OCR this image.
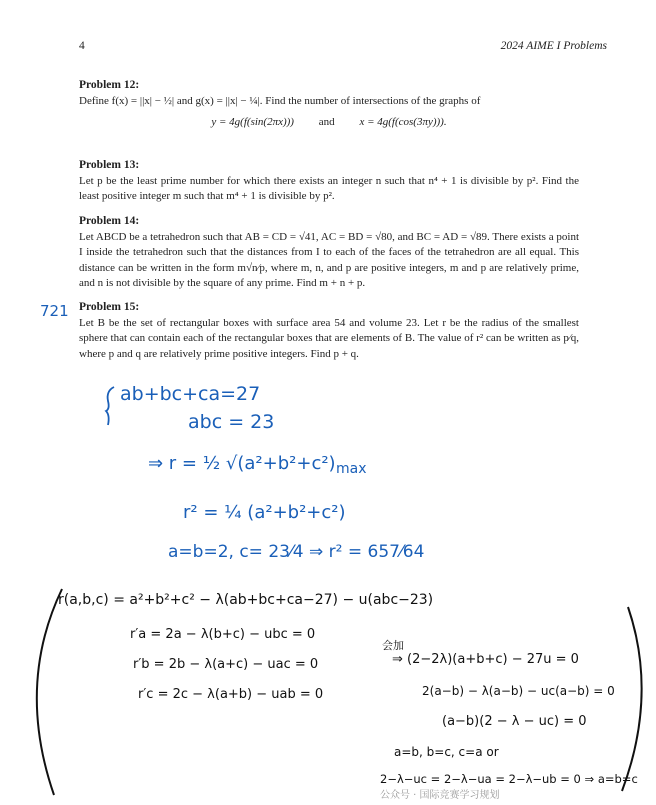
4	2024 AIME I Problems
Problem 12:

Define f(x) = ||x| − ½| and g(x) = ||x| − ¼|. Find the number of intersections of the graphs of

y = 4g(f(sin(2πx))) and x = 4g(f(cos(3πy))).
Problem 13:

Let p be the least prime number for which there exists an integer n such that n⁴ + 1 is divisible by p². Find the least positive integer m such that m⁴ + 1 is divisible by p².

Problem 14:

Let ABCD be a tetrahedron such that AB = CD = √41, AC = BD = √80, and BC = AD = √89. There exists a point I inside the tetrahedron such that the distances from I to each of the faces of the tetrahedron are all equal. This distance can be written in the form m√n⁄p, where m, n, and p are positive integers, m and p are relatively prime, and n is not divisible by the square of any prime. Find m + n + p.

Problem 15:

Let B be the set of rectangular boxes with surface area 54 and volume 23. Let r be the radius of the smallest sphere that can contain each of the rectangular boxes that are elements of B. The value of r² can be written as p⁄q, where p and q are relatively prime positive integers. Find p + q.

721
ab+bc+ca=27
abc = 23
⇒ r = ½ √(a²+b²+c²) max
r² = ¼ (a²+b²+c²)
a=b=2, c= 23⁄4 ⇒ r² = 657⁄64
r(a,b,c) = a²+b²+c² − λ(ab+bc+ca−27) − u(abc−23)
r′a = 2a − λ(b+c) − ubc = 0
r′b = 2b − λ(a+c) − uac = 0
r′c = 2c − λ(a+b) − uab = 0
会加
⇒ (2−2λ)(a+b+c) − 27u = 0
2(a−b) − λ(a−b) − uc(a−b) = 0
(a−b)(2 − λ − uc) = 0
a=b, b=c, c=a or
2−λ−uc = 2−λ−ua = 2−λ−ub = 0 ⇒ a=b=c
公众号 · 国际竞赛学习规划
